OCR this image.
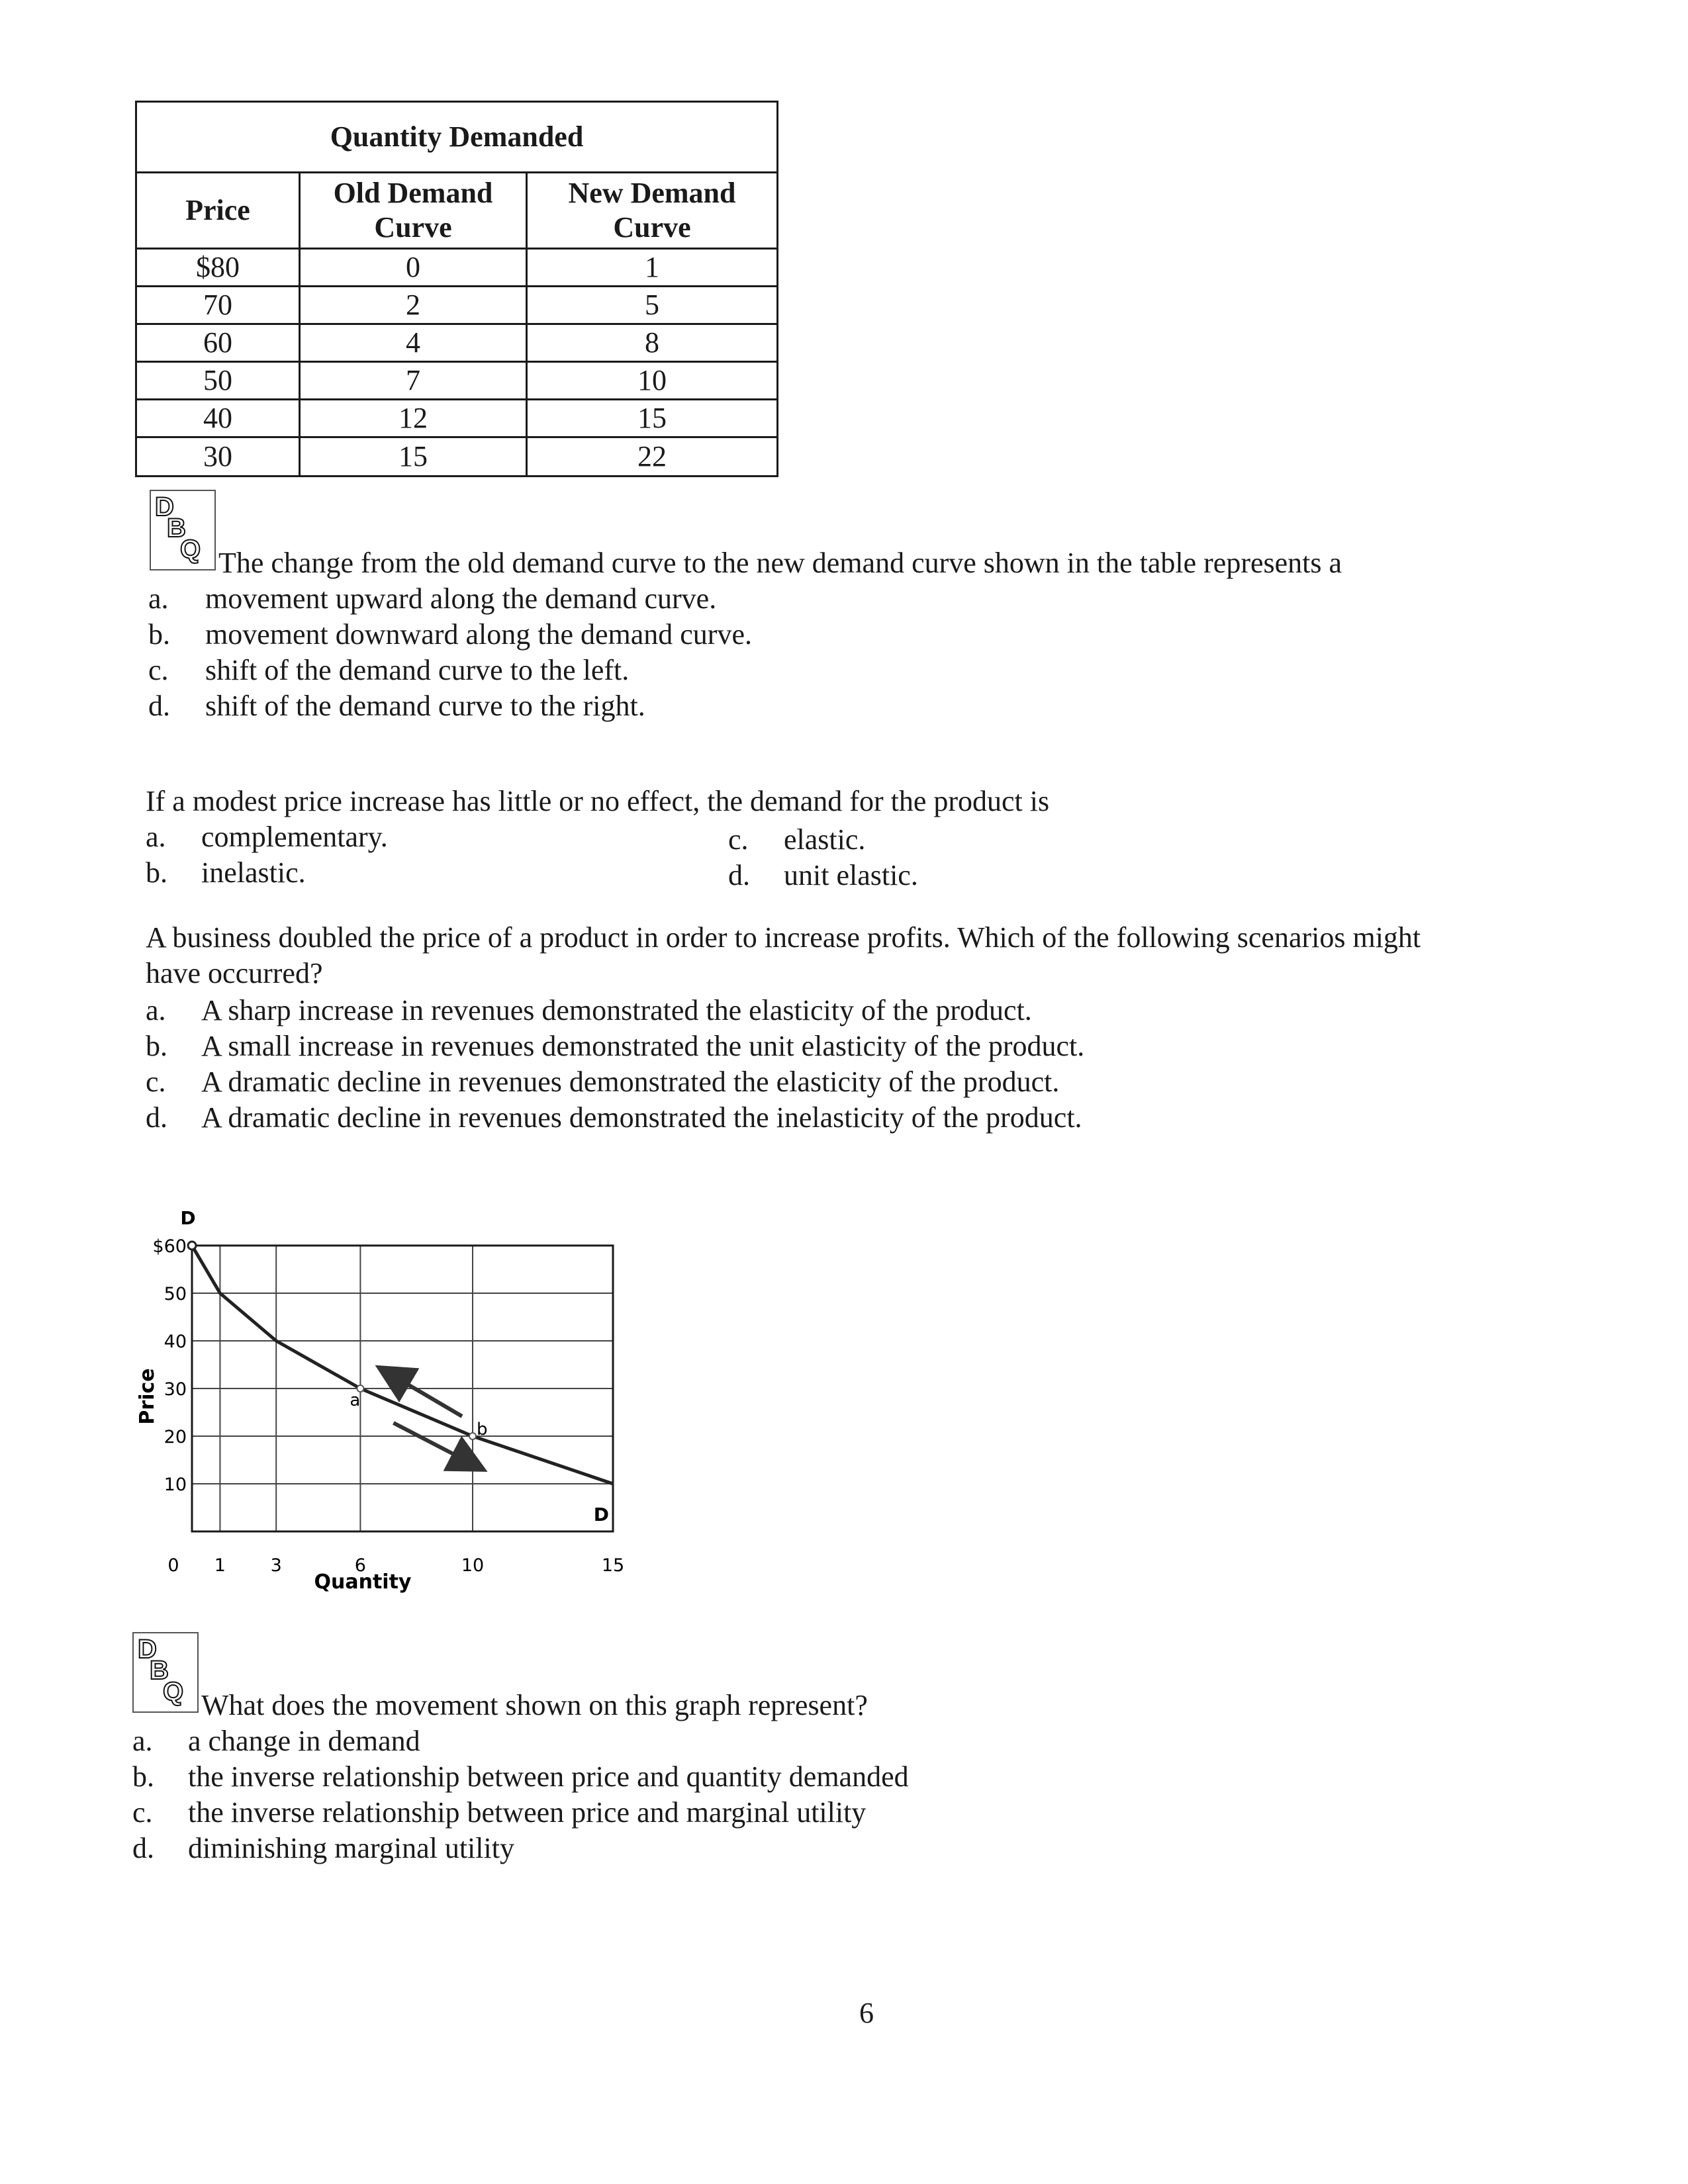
Quantity Demanded		
Price	Old Demand Curve	New Demand Curve

$80	0	1
70	2	5
60	4	8
50	7	10
40	12	15
30	15	22
D
B
Q The change from the old demand curve to the new demand curve shown in the table represents a
a. movement upward along the demand curve.
b. movement downward along the demand curve.
c. shift of the demand curve to the left.
d. shift of the demand curve to the right.
If a modest price increase has little or no effect, the demand for the product is
a. complementary.
b. inelastic.
c. elastic.
d. unit elastic.
A business doubled the price of a product in order to increase profits. Which of the following scenarios might
have occurred?
a. A sharp increase in revenues demonstrated the elasticity of the product.
b. A small increase in revenues demonstrated the unit elasticity of the product.
c. A dramatic decline in revenues demonstrated the elasticity of the product.
d. A dramatic decline in revenues demonstrated the inelasticity of the product.
$60
50
40
30
20
10
0 1	3	6	10	15
a
b
D
D
Price
Quantity
D
B
Q What does the movement shown on this graph represent?
a. a change in demand
b. the inverse relationship between price and quantity demanded
c. the inverse relationship between price and marginal utility
d. diminishing marginal utility
6
